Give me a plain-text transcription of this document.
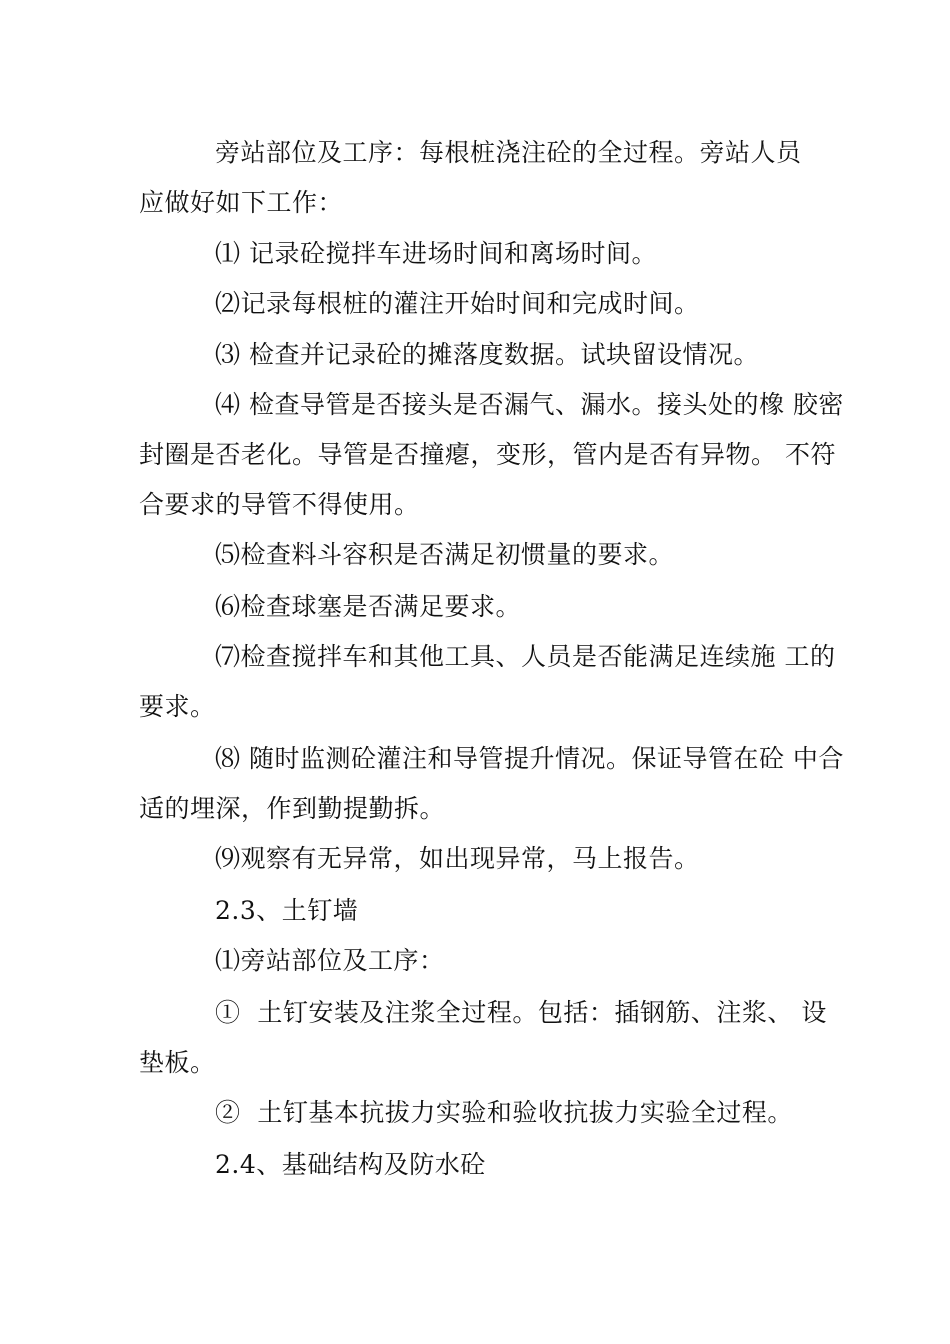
旁站部位及工序：每根桩浇注砼的全过程。旁站人员
应做好如下工作：
⑴ 记录砼搅拌车进场时间和离场时间。
⑵记录每根桩的灌注开始时间和完成时间。
⑶ 检查并记录砼的摊落度数据。试块留设情况。
⑷ 检查导管是否接头是否漏气、漏水。接头处的橡 胶密
封圈是否老化。导管是否撞瘪，变形，管内是否有异物。 不符
合要求的导管不得使用。
⑸检查料斗容积是否满足初惯量的要求。
⑹检查球塞是否满足要求。
⑺检查搅拌车和其他工具、人员是否能满足连续施 工的
要求。
⑻ 随时监测砼灌注和导管提升情况。保证导管在砼 中合
适的埋深，作到勤提勤拆。
⑼观察有无异常，如出现异常，马上报告。
2.3、土钉墙
⑴旁站部位及工序：
①  土钉安装及注浆全过程。包括：插钢筋、注浆、 设
垫板。
②  土钉基本抗拔力实验和验收抗拔力实验全过程。
2.4、基础结构及防水砼
